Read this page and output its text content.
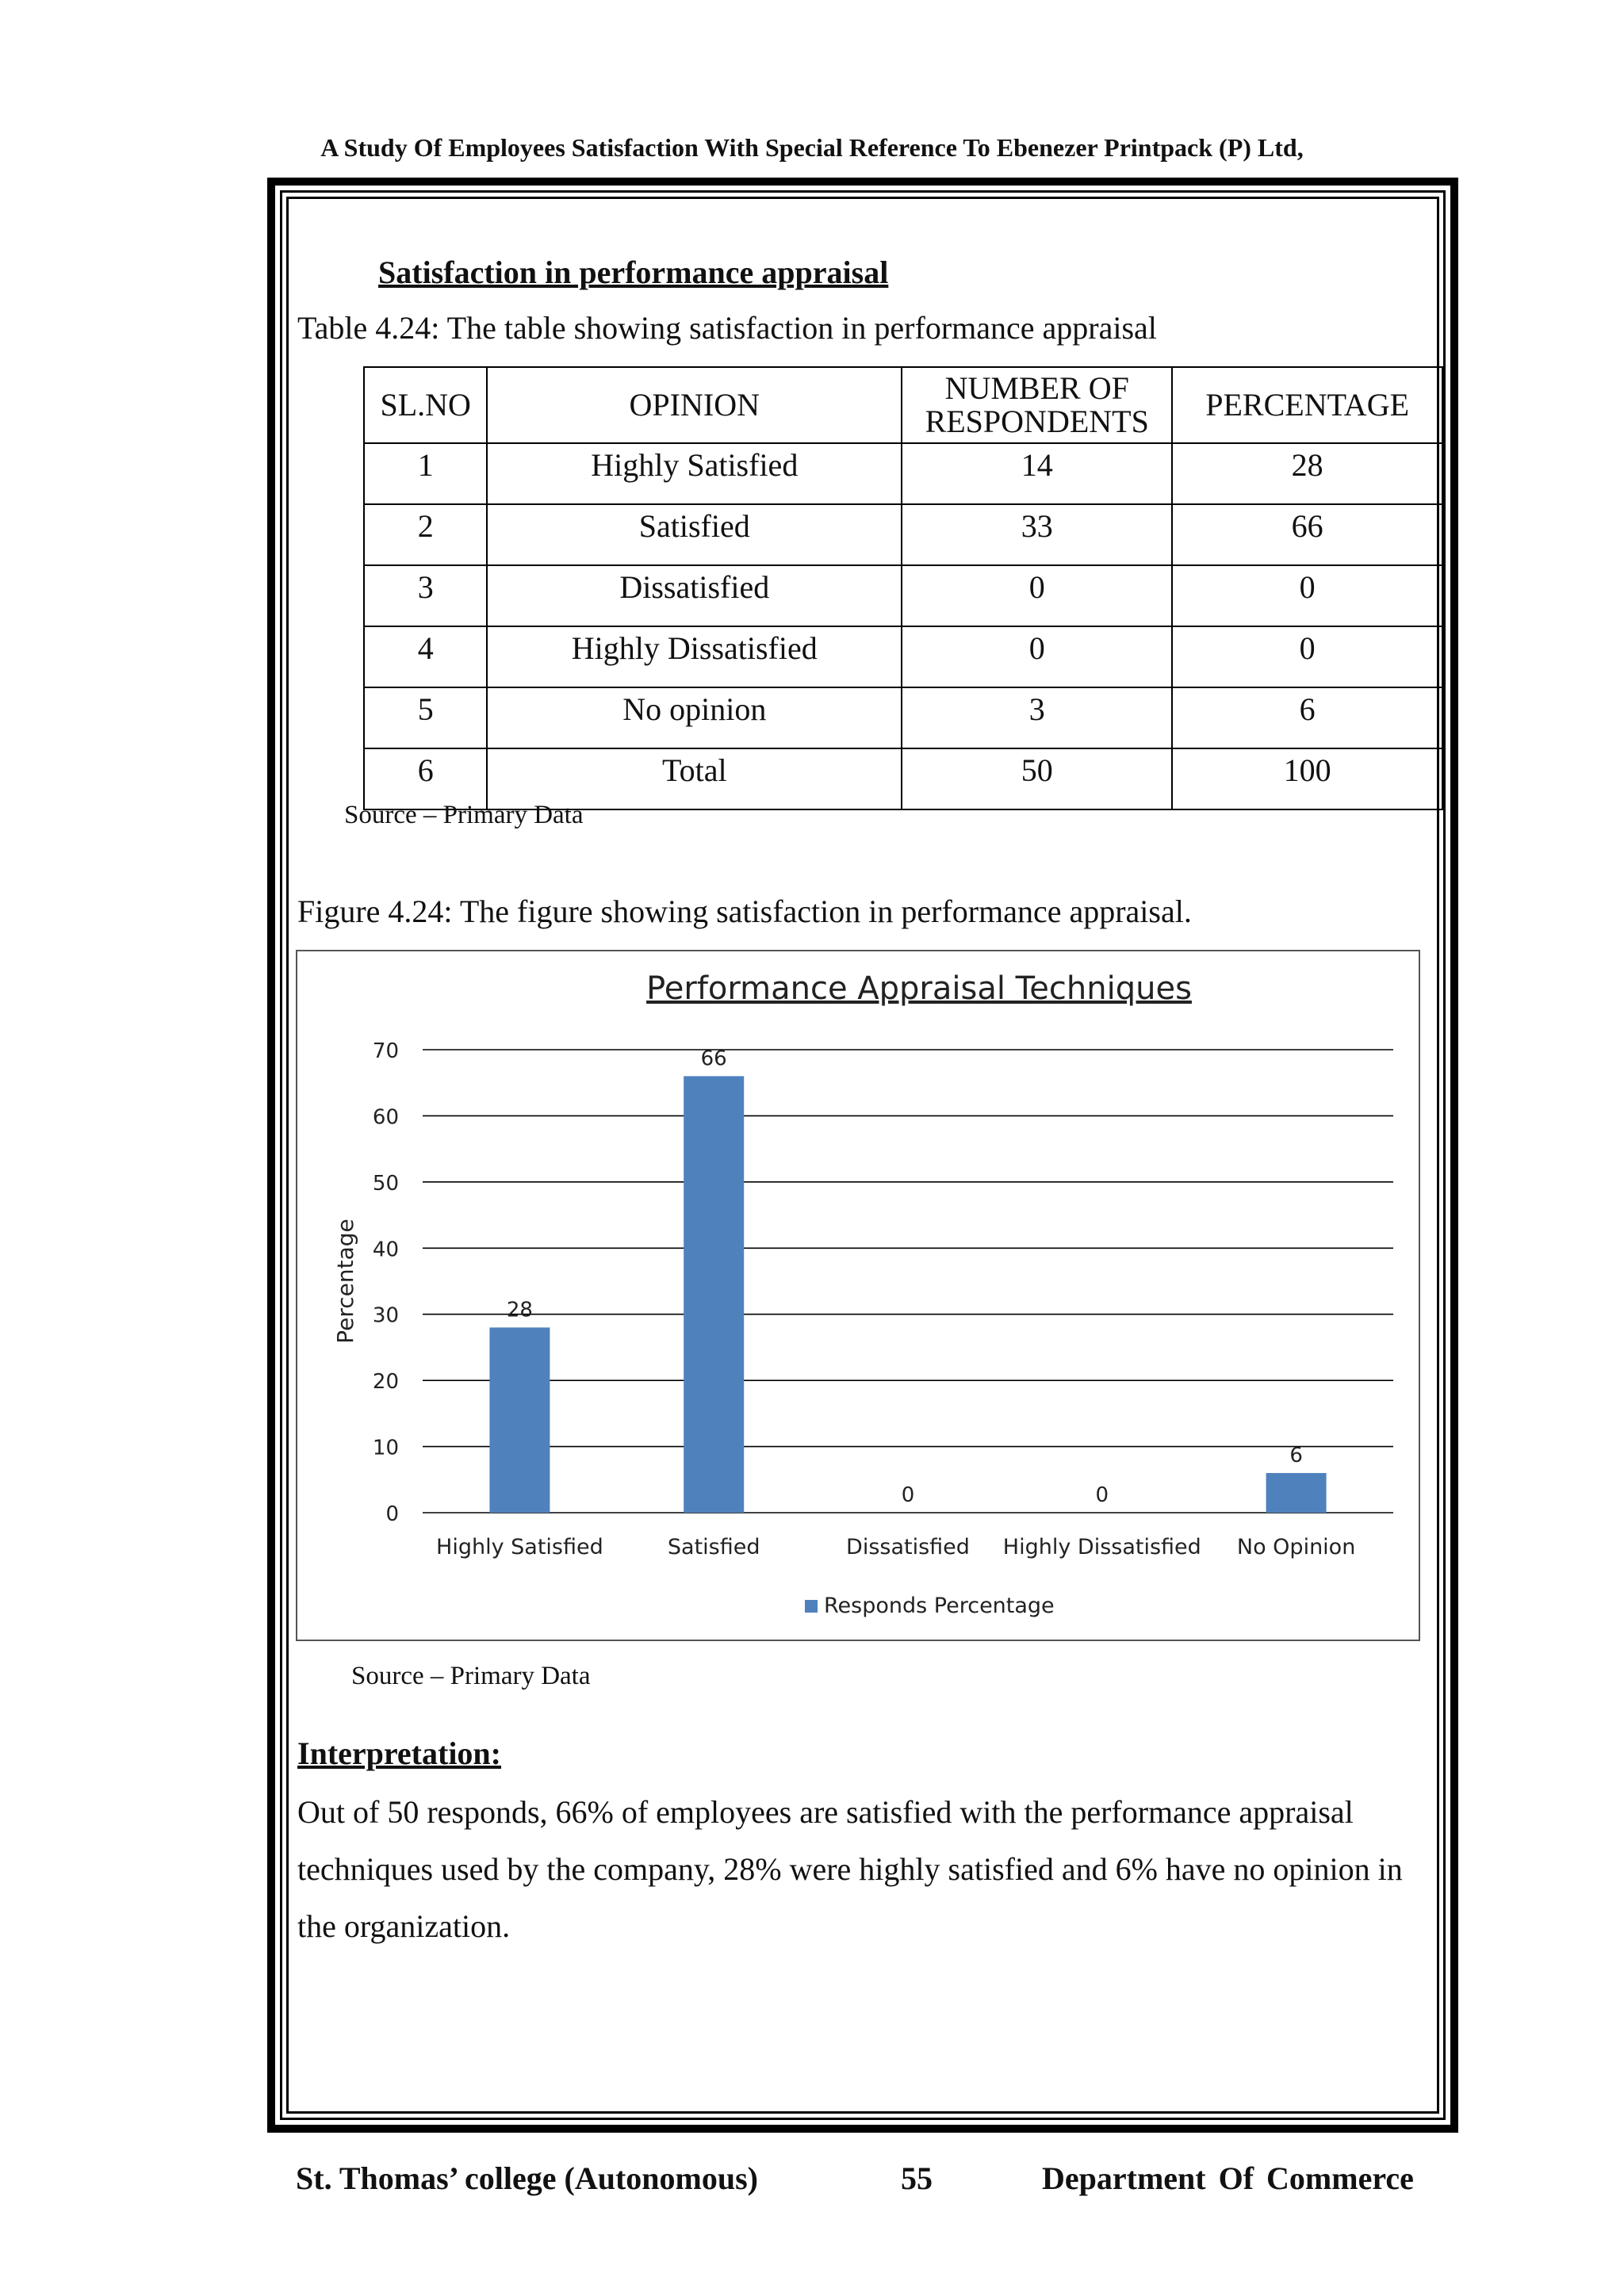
A Study Of Employees Satisfaction With Special Reference To Ebenezer Printpack (P) Ltd,
Satisfaction in performance appraisal
Table 4.24: The table showing satisfaction in performance appraisal
SL.NO	OPINION	NUMBER OF RESPONDENTS	PERCENTAGE
1	Highly Satisfied	14	28
2	Satisfied	33	66
3	Dissatisfied	0	0
4	Highly Dissatisfied	0	0
5	No opinion	3	6
6	Total	50	100
Source – Primary Data
Figure 4.24: The figure showing satisfaction in performance appraisal.
Performance Appraisal Techniques
0
10
20
30
40
50
60
70
Percentage	28
Highly Satisfied
66
Satisfied
0
Dissatisfied
0
Highly Dissatisfied
6
No Opinion
Responds Percentage
Source – Primary Data
Interpretation:
Out of 50 responds, 66% of employees are satisfied with the performance appraisal techniques used by the company, 28% were highly satisfied and 6% have no opinion in the organization.
St. Thomas’ college (Autonomous)	55	Department Of Commerce
